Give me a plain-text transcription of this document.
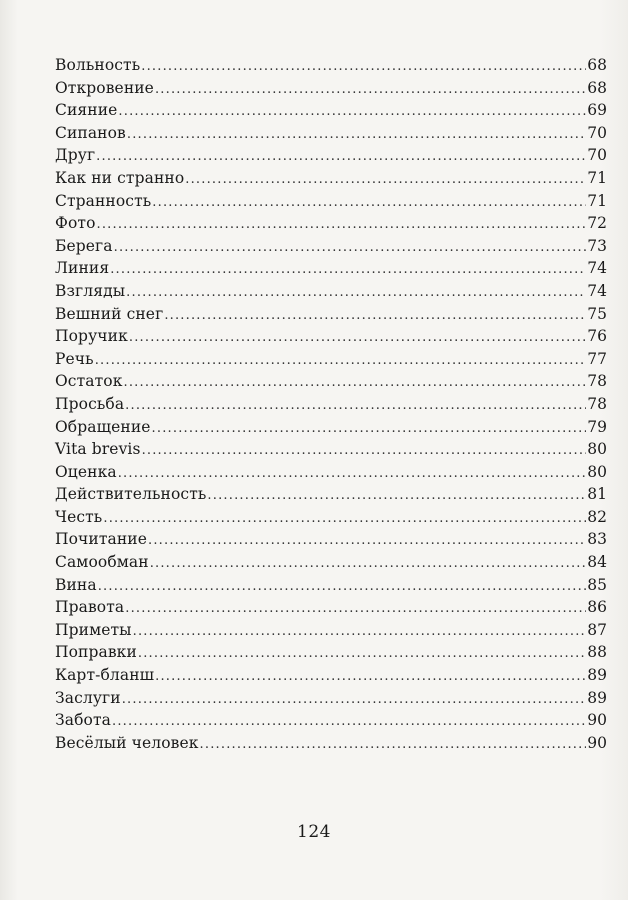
Вольность .....	68
Откровение .....	68
Сияние .....	69
Сипанов .....	70
Друг .....	70
Как ни странно .....	71
Странность .....	71
Фото .....	72
Берега .....	73
Линия .....	74
Взгляды .....	74
Вешний снег .....	75
Поручик .....	76
Речь .....	77
Остаток .....	78
Просьба .....	78
Обращение .....	79
Vita brevis .....	80
Оценка .....	80
Действительность .....	81
Честь .....	82
Почитание .....	83
Самообман .....	84
Вина .....	85
Правота .....	86
Приметы .....	87
Поправки .....	88
Карт-бланш .....	89
Заслуги .....	89
Забота .....	90
Весёлый человек .....	90
124
